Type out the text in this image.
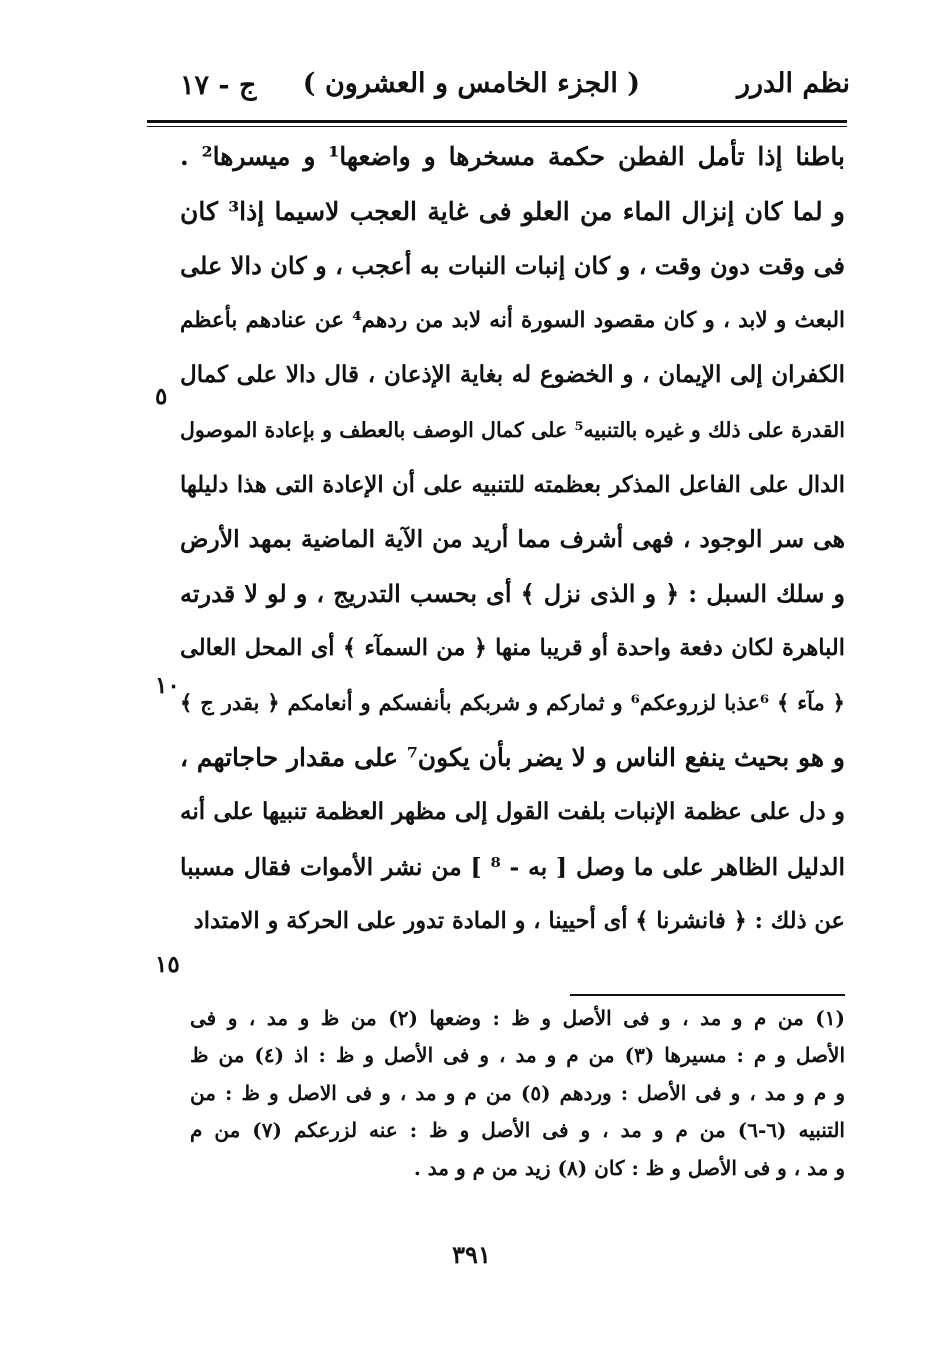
نظم الدرر
( الجزء الخامس و العشرون )
ج - ١٧
باطنا إذا تأمل الفطن حكمة مسخرها و واضعها¹ و ميسرها² .
و لما كان إنزال الماء من العلو فى غاية العجب لاسيما إذا³ كان
فى وقت دون وقت ، و كان إنبات النبات به أعجب ، و كان دالا على
البعث و لابد ، و كان مقصود السورة أنه لابد من ردهم⁴ عن عنادهم بأعظم
الكفران إلى الإيمان ، و الخضوع له بغاية الإذعان ، قال دالا على كمال
القدرة على ذلك و غيره بالتنبيه⁵ على كمال الوصف بالعطف و بإعادة الموصول
الدال على الفاعل المذكر بعظمته للتنبيه على أن الإعادة التى هذا دليلها
هى سر الوجود ، فهى أشرف مما أريد من الآية الماضية بمهد الأرض
و سلك السبل : ﴿ و الذى نزل ﴾ أى بحسب التدريج ، و لو لا قدرته
الباهرة لكان دفعة واحدة أو قريبا منها ﴿ من السمآء ﴾ أى المحل العالى
﴿ مآء ﴾ ⁶عذبا لزروعكم⁶ و ثماركم و شربكم بأنفسكم و أنعامكم ﴿ بقدر ج ﴾
و هو بحيث ينفع الناس و لا يضر بأن يكون⁷ على مقدار حاجاتهم ،
و دل على عظمة الإنبات بلفت القول إلى مظهر العظمة تنبيها على أنه
الدليل الظاهر على ما وصل [ به - ⁸ ] من نشر الأموات فقال مسببا
عن ذلك : ﴿ فانشرنا ﴾ أى أحيينا ، و المادة تدور على الحركة و الامتداد
٥
١٠
١٥
(١) من م و مد ، و فى الأصل و ظ : وضعها (٢) من ظ و مد ، و فى
الأصل و م : مسيرها (٣) من م و مد ، و فى الأصل و ظ : اذ (٤) من ظ
و م و مد ، و فى الأصل : وردهم (٥) من م و مد ، و فى الاصل و ظ : من
التنبيه (٦-٦) من م و مد ، و فى الأصل و ظ : عنه لزرعكم (٧) من م
و مد ، و فى الأصل و ظ : كان (٨) زيد من م و مد .
٣٩١
